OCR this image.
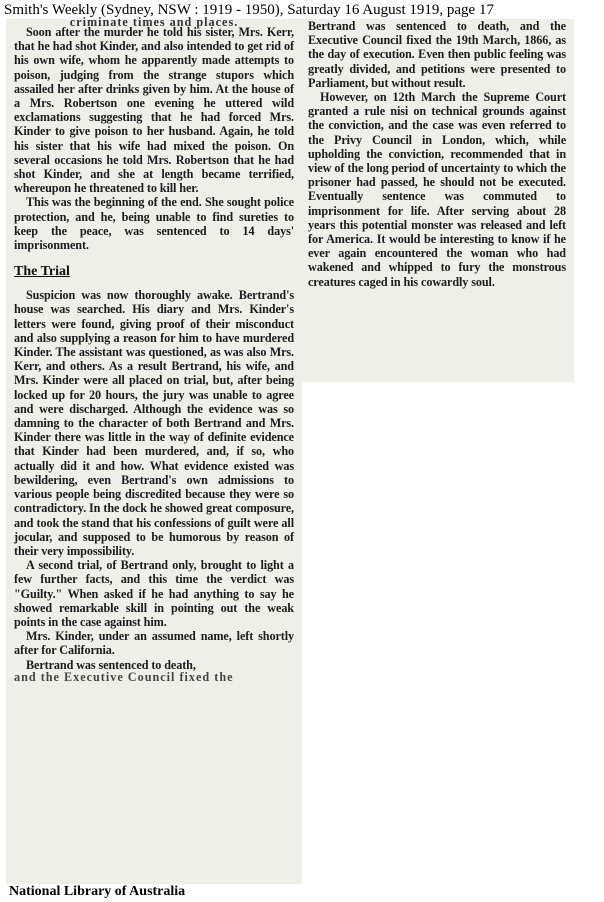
Smith's Weekly (Sydney, NSW : 1919 - 1950), Saturday 16 August 1919, page 17
criminate times and places.

Soon after the murder he told his sister, Mrs. Kerr, that he had shot Kinder, and also intended to get rid of his own wife, whom he apparently made attempts to poison, judging from the strange stupors which assailed her after drinks given by him. At the house of a Mrs. Robertson one evening he uttered wild exclamations suggesting that he had forced Mrs. Kinder to give poison to her husband. Again, he told his sister that his wife had mixed the poison. On several occasions he told Mrs. Robertson that he had shot Kinder, and she at length became terrified, whereupon he threatened to kill her.

This was the beginning of the end. She sought police protection, and he, being unable to find sureties to keep the peace, was sentenced to 14 days' imprisonment.

The Trial

Suspicion was now thoroughly awake. Bertrand's house was searched. His diary and Mrs. Kinder's letters were found, giving proof of their misconduct and also supplying a reason for him to have murdered Kinder. The assistant was questioned, as was also Mrs. Kerr, and others. As a result Bertrand, his wife, and Mrs. Kinder were all placed on trial, but, after being locked up for 20 hours, the jury was unable to agree and were discharged. Although the evidence was so damning to the character of both Bertrand and Mrs. Kinder there was little in the way of definite evidence that Kinder had been murdered, and, if so, who actually did it and how. What evidence existed was bewildering, even Bertrand's own admissions to various people being discredited because they were so contradictory. In the dock he showed great composure, and took the stand that his confessions of guilt were all jocular, and supposed to be humorous by reason of their very impossibility.

A second trial, of Bertrand only, brought to light a few further facts, and this time the verdict was "Guilty." When asked if he had anything to say he showed remarkable skill in pointing out the weak points in the case against him.

Mrs. Kinder, under an assumed name, left shortly after for California.

Bertrand was sentenced to death,

and the Executive Council fixed the

Bertrand was sentenced to death, and the Executive Council fixed the 19th March, 1866, as the day of execution. Even then public feeling was greatly divided, and petitions were presented to Parliament, but without result.

However, on 12th March the Supreme Court granted a rule nisi on technical grounds against the conviction, and the case was even referred to the Privy Council in London, which, while upholding the conviction, recommended that in view of the long period of uncertainty to which the prisoner had passed, he should not be executed. Eventually sentence was commuted to imprisonment for life. After serving about 28 years this potential monster was released and left for America. It would be interesting to know if he ever again encountered the woman who had wakened and whipped to fury the monstrous creatures caged in his cowardly soul.

National Library of Australia
